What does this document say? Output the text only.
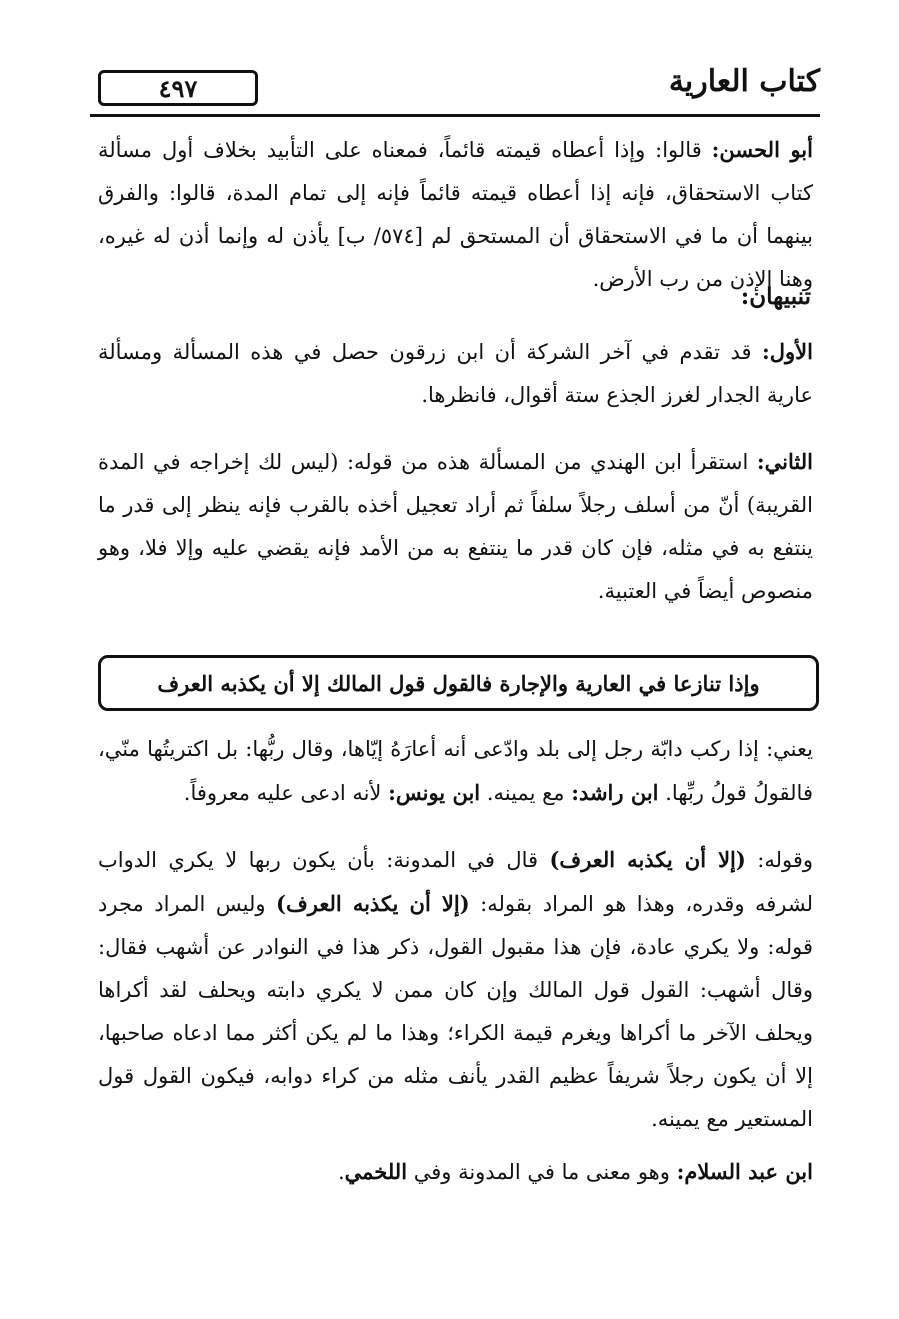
٤٩٧	كتاب العارية

أبو الحسن: قالوا: وإذا أعطاه قيمته قائماً، فمعناه على التأبيد بخلاف أول مسألة كتاب الاستحقاق، فإنه إذا أعطاه قيمته قائماً فإنه إلى تمام المدة، قالوا: والفرق بينهما أن ما في الاستحقاق أن المستحق لم [٥٧٤/ ب] يأذن له وإنما أذن له غيره، وهنا الإذن من رب الأرض.

تنبيهان:

الأول: قد تقدم في آخر الشركة أن ابن زرقون حصل في هذه المسألة ومسألة عارية الجدار لغرز الجذع ستة أقوال، فانظرها.

الثاني: استقرأ ابن الهندي من المسألة هذه من قوله: (ليس لك إخراجه في المدة القريبة) أنّ من أسلف رجلاً سلفاً ثم أراد تعجيل أخذه بالقرب فإنه ينظر إلى قدر ما ينتفع به في مثله، فإن كان قدر ما ينتفع به من الأمد فإنه يقضي عليه وإلا فلا، وهو منصوص أيضاً في العتبية.

وإذا تنازعا في العارية والإجارة فالقول قول المالك إلا أن يكذبه العرف

يعني: إذا ركب دابّة رجل إلى بلد وادّعى أنه أعارَهُ إيّاها، وقال ربُّها: بل اكتريتُها منّي، فالقولُ قولُ ربِّها. ابن راشد: مع يمينه. ابن يونس: لأنه ادعى عليه معروفاً.

وقوله: (إلا أن يكذبه العرف) قال في المدونة: بأن يكون ربها لا يكري الدواب لشرفه وقدره، وهذا هو المراد بقوله: (إلا أن يكذبه العرف) وليس المراد مجرد قوله: ولا يكري عادة، فإن هذا مقبول القول، ذكر هذا في النوادر عن أشهب فقال: وقال أشهب: القول قول المالك وإن كان ممن لا يكري دابته ويحلف لقد أكراها ويحلف الآخر ما أكراها ويغرم قيمة الكراء؛ وهذا ما لم يكن أكثر مما ادعاه صاحبها، إلا أن يكون رجلاً شريفاً عظيم القدر يأنف مثله من كراء دوابه، فيكون القول قول المستعير مع يمينه.

ابن عبد السلام: وهو معنى ما في المدونة وفي اللخمي.
